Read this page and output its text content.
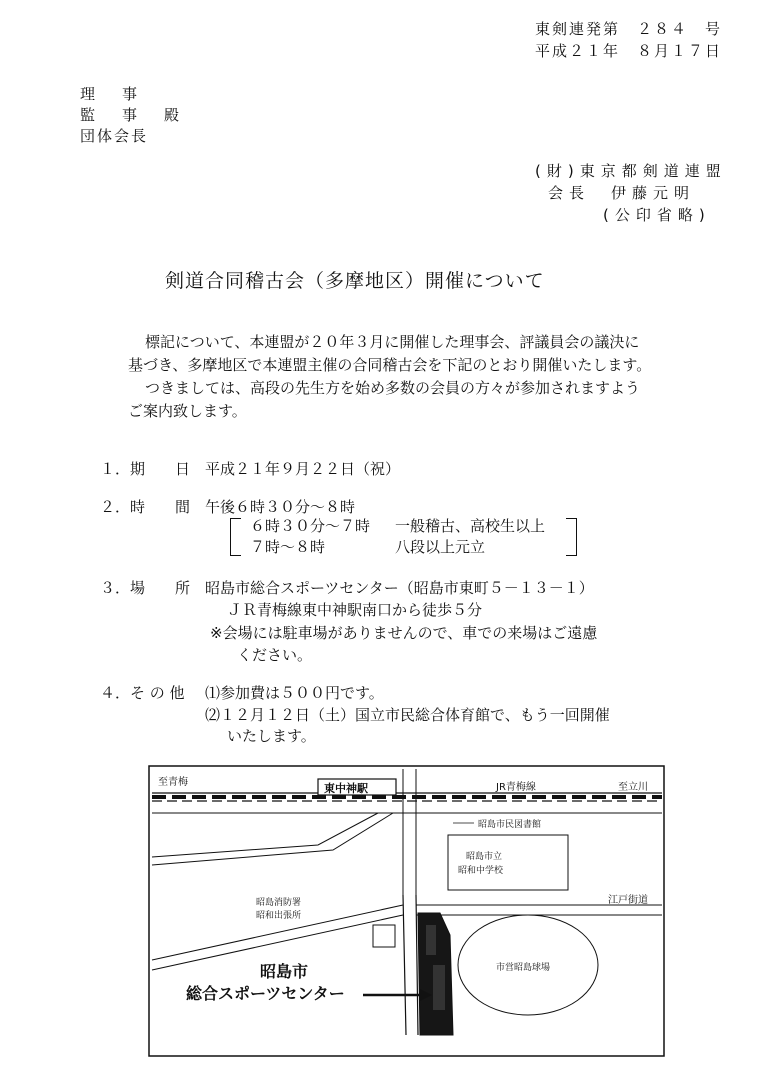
東剣連発第　２８４　号
平成２１年　８月１７日
理　事
監　事　殿
団体会長
(財)東京都剣道連盟
会長　伊藤元明
(公印省略)
剣道合同稽古会（多摩地区）開催について
標記について、本連盟が２０年３月に開催した理事会、評議員会の議決に
基づき、多摩地区で本連盟主催の合同稽古会を下記のとおり開催いたします。
つきましては、高段の先生方を始め多数の会員の方々が参加されますよう
ご案内致します。
１．期　　日 平成２１年９月２２日（祝）
２．時　　間 午後６時３０分～８時
６時３０分～７時 一般稽古、高校生以上
７時～８時	八段以上元立
３．場　　所 昭島市総合スポーツセンター（昭島市東町５－１３－１）
ＪＲ青梅線東中神駅南口から徒歩５分
※会場には駐車場がありませんので、車での来場はご遠慮
ください。
４．そ の 他 ⑴参加費は５００円です。
⑵１２月１２日（土）国立市民総合体育館で、もう一回開催
いたします。
東中神駅
昭島市立
昭和中学校
昭島市民図書館
昭島消防署
昭和出張所
市営昭島球場
至青梅	JR青梅線	至立川
江戸街道
昭島市
総合スポーツセンター
